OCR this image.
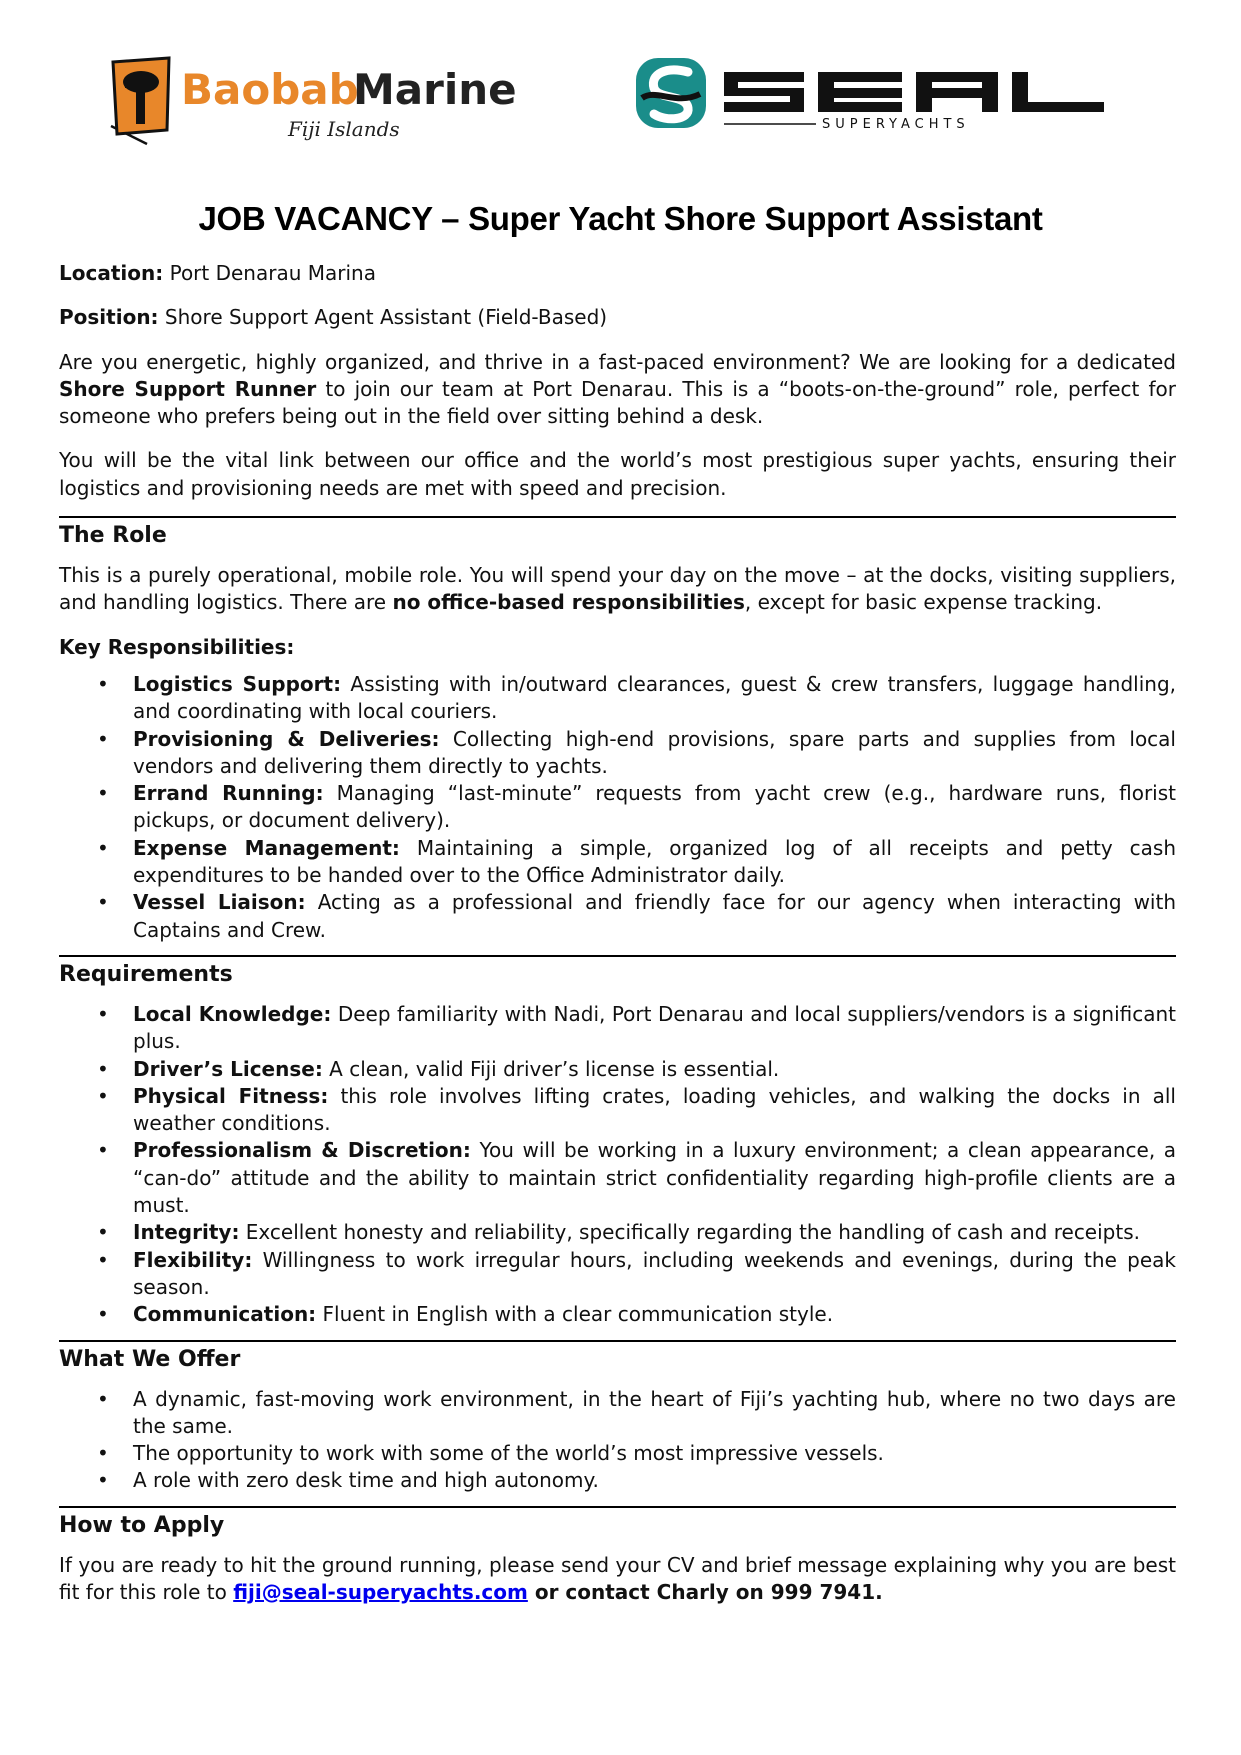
Baobab
Marine
Fiji Islands	SUPERYACHTS
JOB VACANCY – Super Yacht Shore Support Assistant

Location: Port Denarau Marina

Position: Shore Support Agent Assistant (Field-Based)

Are you energetic, highly organized, and thrive in a fast-paced environment? We are looking for a dedicated Shore Support Runner to join our team at Port Denarau. This is a “boots-on-the-ground” role, perfect for someone who prefers being out in the field over sitting behind a desk.

You will be the vital link between our office and the world’s most prestigious super yachts, ensuring their logistics and provisioning needs are met with speed and precision.

The Role

This is a purely operational, mobile role. You will spend your day on the move – at the docks, visiting suppliers, and handling logistics. There are no office-based responsibilities, except for basic expense tracking.

Key Responsibilities:
• Logistics Support: Assisting with in/outward clearances, guest & crew transfers, luggage handling, and coordinating with local couriers.
• Provisioning & Deliveries: Collecting high-end provisions, spare parts and supplies from local vendors and delivering them directly to yachts.
• Errand Running: Managing “last-minute” requests from yacht crew (e.g., hardware runs, florist pickups, or document delivery).
• Expense Management: Maintaining a simple, organized log of all receipts and petty cash expenditures to be handed over to the Office Administrator daily.
• Vessel Liaison: Acting as a professional and friendly face for our agency when interacting with Captains and Crew.
Requirements
• Local Knowledge: Deep familiarity with Nadi, Port Denarau and local suppliers/vendors is a significant plus.
• Driver’s License: A clean, valid Fiji driver’s license is essential.
• Physical Fitness: this role involves lifting crates, loading vehicles, and walking the docks in all weather conditions.
• Professionalism & Discretion: You will be working in a luxury environment; a clean appearance, a “can-do” attitude and the ability to maintain strict confidentiality regarding high-profile clients are a must.
• Integrity: Excellent honesty and reliability, specifically regarding the handling of cash and receipts.
• Flexibility: Willingness to work irregular hours, including weekends and evenings, during the peak season.
• Communication: Fluent in English with a clear communication style.
What We Offer
• A dynamic, fast-moving work environment, in the heart of Fiji’s yachting hub, where no two days are the same.
• The opportunity to work with some of the world’s most impressive vessels.
• A role with zero desk time and high autonomy.
How to Apply

If you are ready to hit the ground running, please send your CV and brief message explaining why you are best fit for this role to fiji@seal-superyachts.com or contact Charly on 999 7941.
